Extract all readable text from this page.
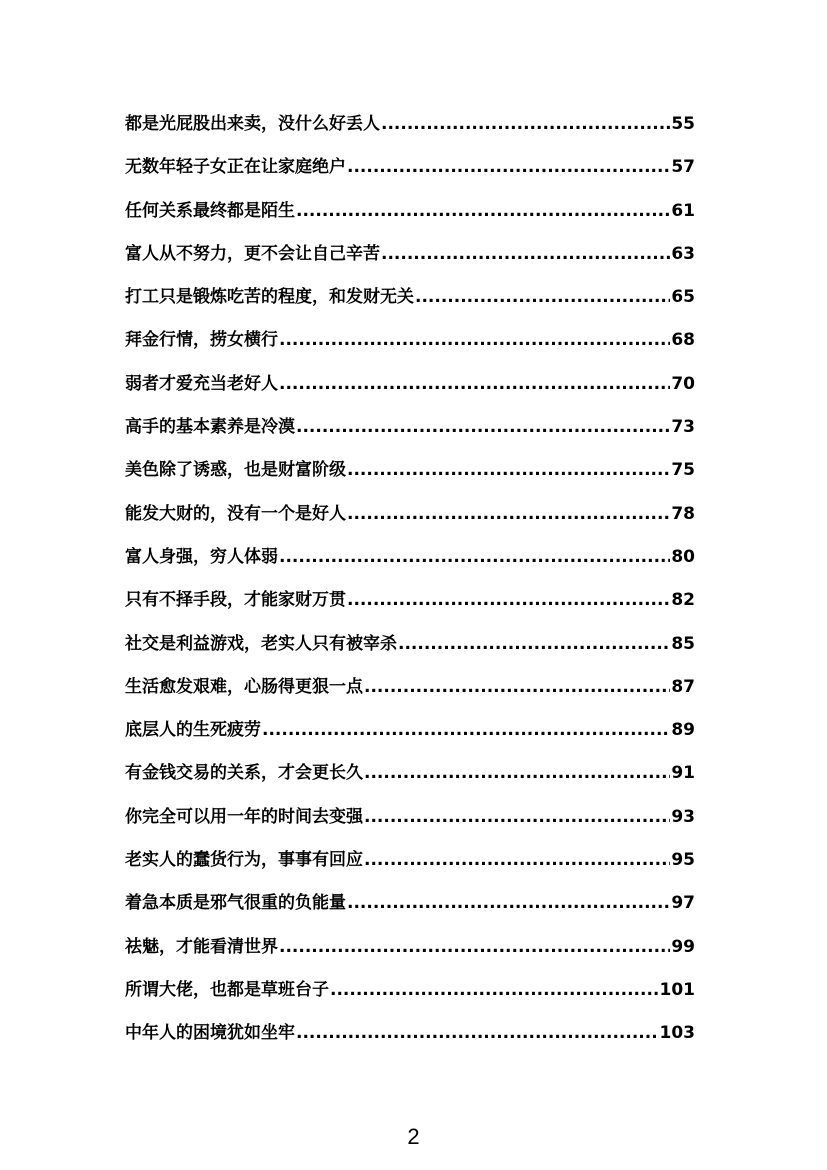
都是光屁股出来卖，没什么好丢人 .....	55
无数年轻子女正在让家庭绝户 .....	57
任何关系最终都是陌生 .....	61
富人从不努力，更不会让自己辛苦 .....	63
打工只是锻炼吃苦的程度，和发财无关 .....	65
拜金行情，捞女横行 .....	68
弱者才爱充当老好人 .....	70
高手的基本素养是冷漠 .....	73
美色除了诱惑，也是财富阶级 .....	75
能发大财的，没有一个是好人 .....	78
富人身强，穷人体弱 .....	80
只有不择手段，才能家财万贯 .....	82
社交是利益游戏，老实人只有被宰杀 .....	85
生活愈发艰难，心肠得更狠一点 .....	87
底层人的生死疲劳 .....	89
有金钱交易的关系，才会更长久 .....	91
你完全可以用一年的时间去变强 .....	93
老实人的蠢货行为，事事有回应 .....	95
着急本质是邪气很重的负能量 .....	97
祛魅，才能看清世界 .....	99
所谓大佬，也都是草班台子 .....	101
中年人的困境犹如坐牢 .....	103
2
